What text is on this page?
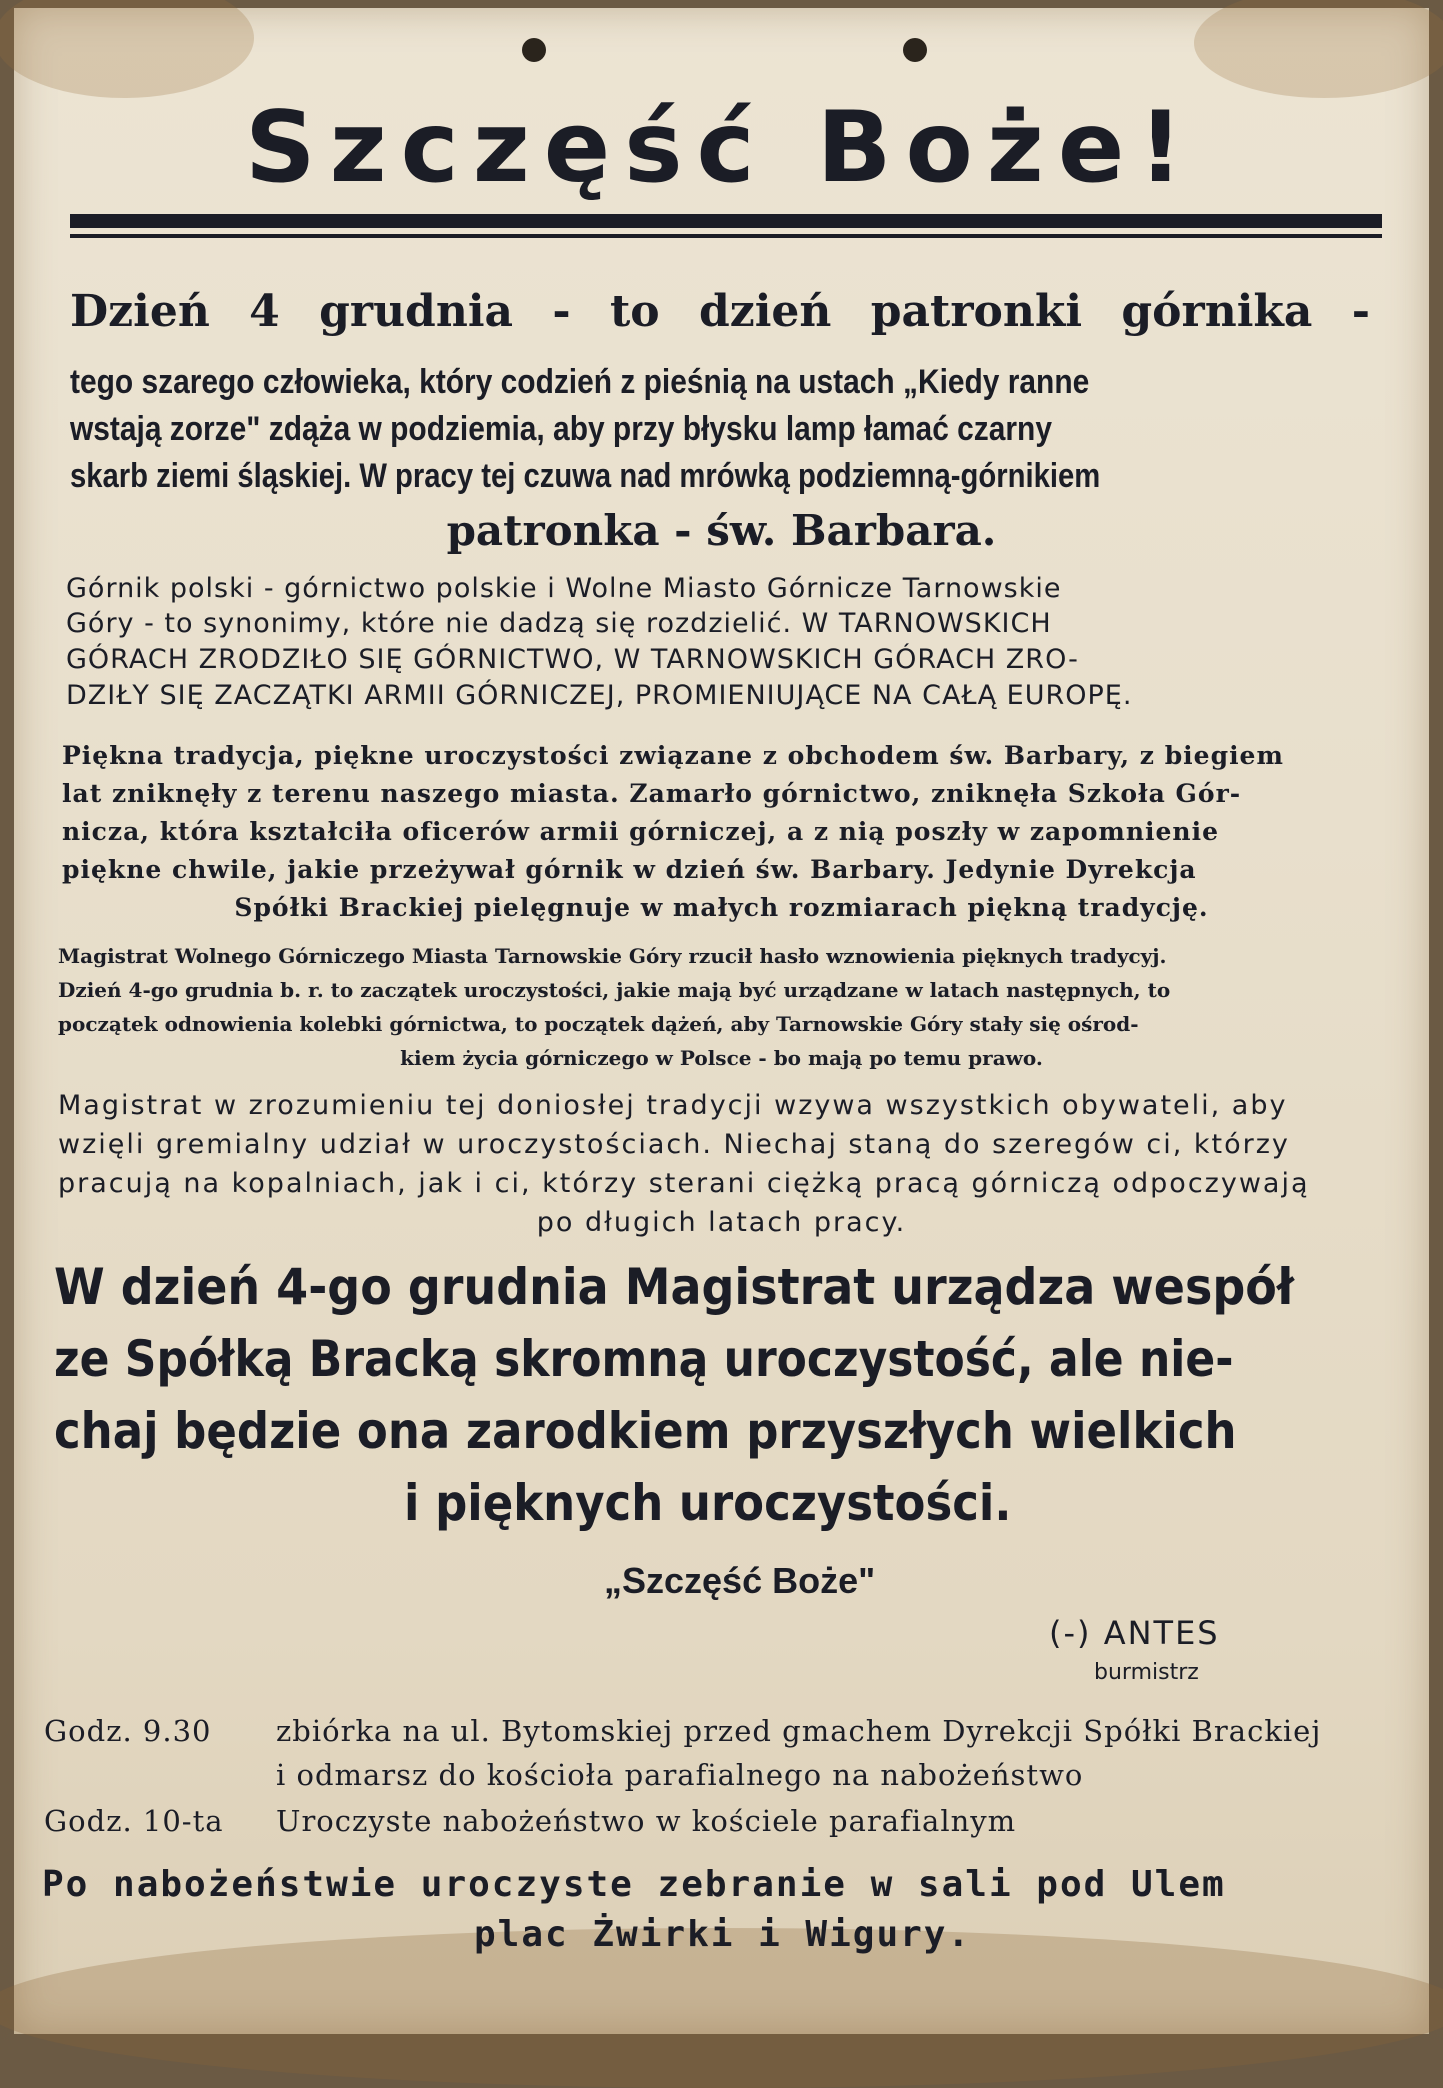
Szczęść Boże!
Dzień 4 grudnia - to dzień patronki górnika -
tego szarego człowieka, który codzień z pieśnią na ustach „Kiedy ranne
wstają zorze" zdąża w podziemia, aby przy błysku lamp łamać czarny
skarb ziemi śląskiej. W pracy tej czuwa nad mrówką podziemną-górnikiem
patronka - św. Barbara.
Górnik polski - górnictwo polskie i Wolne Miasto Górnicze Tarnowskie
Góry - to synonimy, które nie dadzą się rozdzielić. W TARNOWSKICH
GÓRACH ZRODZIŁO SIĘ GÓRNICTWO, W TARNOWSKICH GÓRACH ZRO-
DZIŁY SIĘ ZACZĄTKI ARMII GÓRNICZEJ, PROMIENIUJĄCE NA CAŁĄ EUROPĘ.
Piękna tradycja, piękne uroczystości związane z obchodem św. Barbary, z biegiem
lat zniknęły z terenu naszego miasta. Zamarło górnictwo, zniknęła Szkoła Gór-
nicza, która kształciła oficerów armii górniczej, a z nią poszły w zapomnienie
piękne chwile, jakie przeżywał górnik w dzień św. Barbary. Jedynie Dyrekcja
Spółki Brackiej pielęgnuje w małych rozmiarach piękną tradycję.
Magistrat Wolnego Górniczego Miasta Tarnowskie Góry rzucił hasło wznowienia pięknych tradycyj.
Dzień 4-go grudnia b. r. to zaczątek uroczystości, jakie mają być urządzane w latach następnych, to
początek odnowienia kolebki górnictwa, to początek dążeń, aby Tarnowskie Góry stały się ośrod-
kiem życia górniczego w Polsce - bo mają po temu prawo.
Magistrat w zrozumieniu tej doniosłej tradycji wzywa wszystkich obywateli, aby
wzięli gremialny udział w uroczystościach. Niechaj staną do szeregów ci, którzy
pracują na kopalniach, jak i ci, którzy sterani ciężką pracą górniczą odpoczywają
po długich latach pracy.
W dzień 4-go grudnia Magistrat urządza wespół
ze Spółką Bracką skromną uroczystość, ale nie-
chaj będzie ona zarodkiem przyszłych wielkich
i pięknych uroczystości.
„Szczęść Boże"
(-) ANTES
burmistrz
Godz. 9.30 zbiórka na ul. Bytomskiej przed gmachem Dyrekcji Spółki Brackiej
i odmarsz do kościoła parafialnego na nabożeństwo
Godz. 10-ta Uroczyste nabożeństwo w kościele parafialnym
Po nabożeństwie uroczyste zebranie w sali pod Ulem
plac Żwirki i Wigury.
